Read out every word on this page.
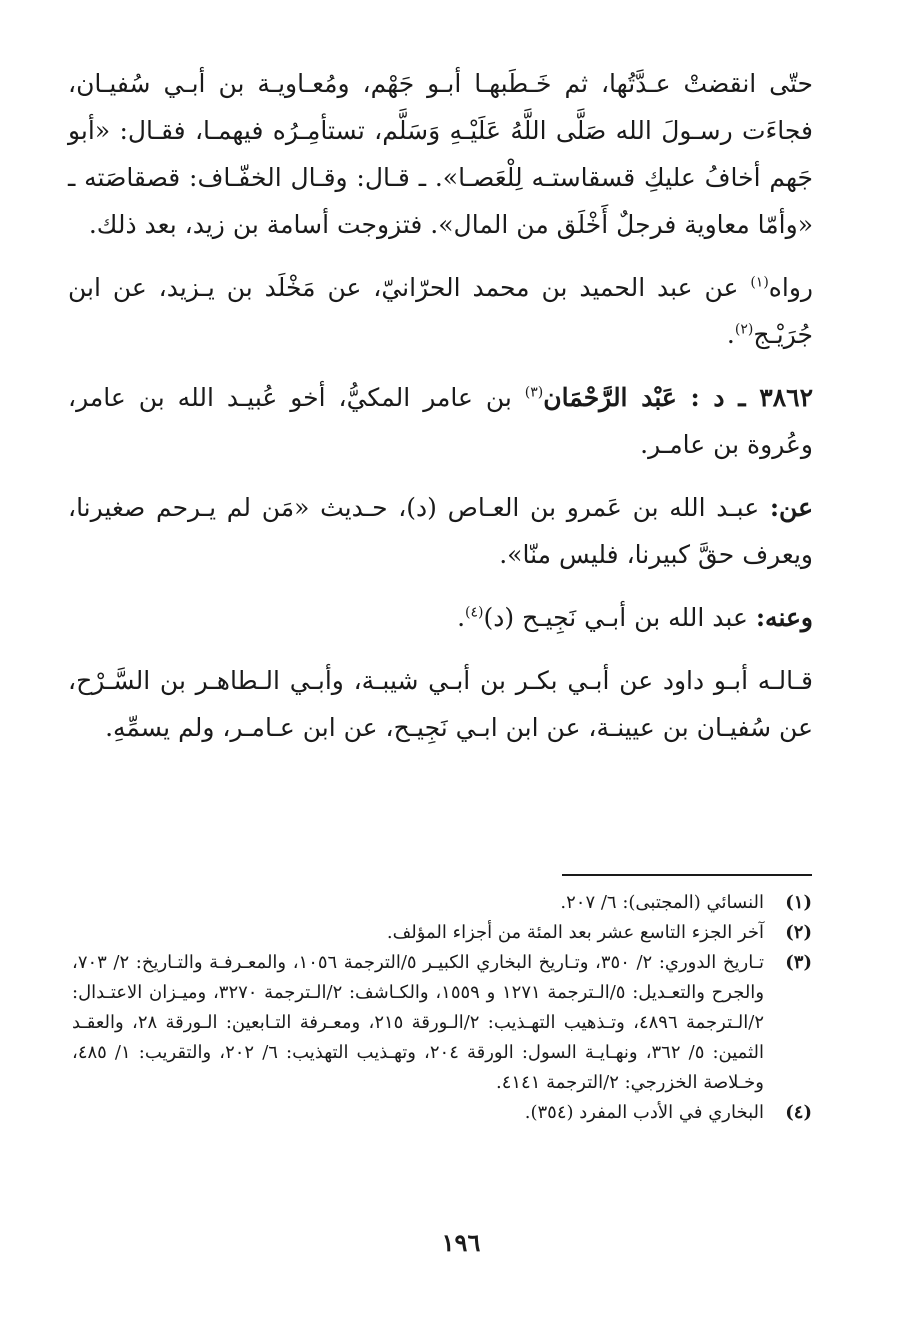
حتّى انقضتْ عـدَّتُها، ثم خَـطَبهـا أبـو جَهْم، ومُعـاويـة بن أبـي سُفيـان، فجاءَت رسـولَ الله صَلَّى اللَّهُ عَلَيْـهِ وَسَلَّم، تستأمِـرُه فيهمـا، فقـال: «أبو جَهم أخافُ عليكِ قسقاستـه لِلْعَصـا». ـ قـال: وقـال الخفّـاف: قصقاصَته ـ «وأمّا معاوية فرجلٌ أَخْلَق من المال». فتزوجت أسامة بن زيد، بعد ذلك.

رواه$^{(١)}$ عن عبد الحميد بن محمد الحرّانيّ، عن مَخْلَد بن يـزيد، عن ابن جُرَيْـج$^{(٢)}$.

٣٨٦٢ ـ د : عَبْد الرَّحْمَان$^{(٣)}$ بن عامر المكيُّ، أخو عُبيـد الله بن عامر، وعُروة بن عامـر.

عن: عبـد الله بن عَمرو بن العـاص (د)، حـديث «مَن لم يـرحم صغيرنا، ويعرف حقَّ كبيرنا، فليس منّا».

وعنه: عبد الله بن أبـي نَجِيـح (د)$^{(٤)}$.

قـالـه أبـو داود عن أبـي بكـر بن أبـي شيبـة، وأبـي الـطاهـر بن السَّـرْح، عن سُفيـان بن عيينـة، عن ابن ابـي نَجِيـح، عن ابن عـامـر، ولم يسمِّهِ.

(١)
النسائي (المجتبى): ٦/ ٢٠٧.
(٢)
آخر الجزء التاسع عشر بعد المئة من أجزاء المؤلف.
(٣)
تـاريخ الدوري: ٢/ ٣٥٠، وتـاريخ البخاري الكبيـر ٥/الترجمة ١٠٥٦، والمعـرفـة والتـاريخ: ٢/ ٧٠٣، والجرح والتعـديل: ٥/الـترجمة ١٢٧١ و ١٥٥٩، والكـاشف: ٢/الـترجمة ٣٢٧٠، وميـزان الاعتـدال: ٢/الـترجمة ٤٨٩٦، وتـذهيب التهـذيب: ٢/الـورقة ٢١٥، ومعـرفة التـابعين: الـورقة ٢٨، والعقـد الثمين: ٥/ ٣٦٢، ونهـايـة السول: الورقة ٢٠٤، وتهـذيب التهذيب: ٦/ ٢٠٢، والتقريب: ١/ ٤٨٥، وخـلاصة الخزرجي: ٢/الترجمة ٤١٤١.
(٤)
البخاري في الأدب المفرد (٣٥٤).
١٩٦
